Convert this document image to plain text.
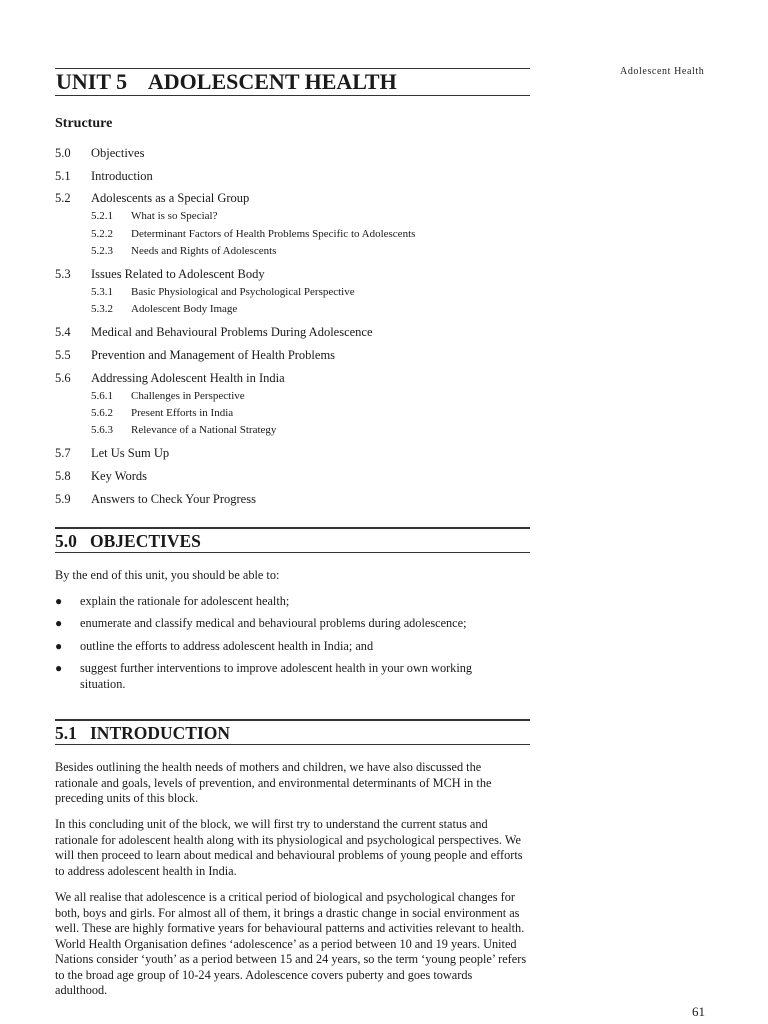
Adolescent Health
UNIT 5    ADOLESCENT HEALTH
Structure
5.0 Objectives
5.1 Introduction
5.2 Adolescents as a Special Group
5.2.1 What is so Special?
5.2.2 Determinant Factors of Health Problems Specific to Adolescents
5.2.3 Needs and Rights of Adolescents
5.3 Issues Related to Adolescent Body
5.3.1 Basic Physiological and Psychological Perspective
5.3.2 Adolescent Body Image
5.4 Medical and Behavioural Problems During Adolescence
5.5 Prevention and Management of Health Problems
5.6 Addressing Adolescent Health in India
5.6.1 Challenges in Perspective
5.6.2 Present Efforts in India
5.6.3 Relevance of a National Strategy
5.7 Let Us Sum Up
5.8 Key Words
5.9 Answers to Check Your Progress
5.0   OBJECTIVES

By the end of this unit, you should be able to:

● explain the rationale for adolescent health;
● enumerate and classify medical and behavioural problems during adolescence;
● outline the efforts to address adolescent health in India; and
● suggest further interventions to improve adolescent health in your own working situation.
5.1   INTRODUCTION

Besides outlining the health needs of mothers and children, we have also discussed the rationale and goals, levels of prevention, and environmental determinants of MCH in the preceding units of this block.

In this concluding unit of the block, we will first try to understand the current status and rationale for adolescent health along with its physiological and psychological perspectives. We will then proceed to learn about medical and behavioural problems of young people and efforts to address adolescent health in India.

We all realise that adolescence is a critical period of biological and psychological changes for both, boys and girls. For almost all of them, it brings a drastic change in social environment as well. These are highly formative years for behavioural patterns and activities relevant to health. World Health Organisation defines ‘adolescence’ as a period between 10 and 19 years. United Nations consider ‘youth’ as a period between 15 and 24 years, so the term ‘young people’ refers to the broad age group of 10-24 years. Adolescence covers puberty and goes towards adulthood.

61
